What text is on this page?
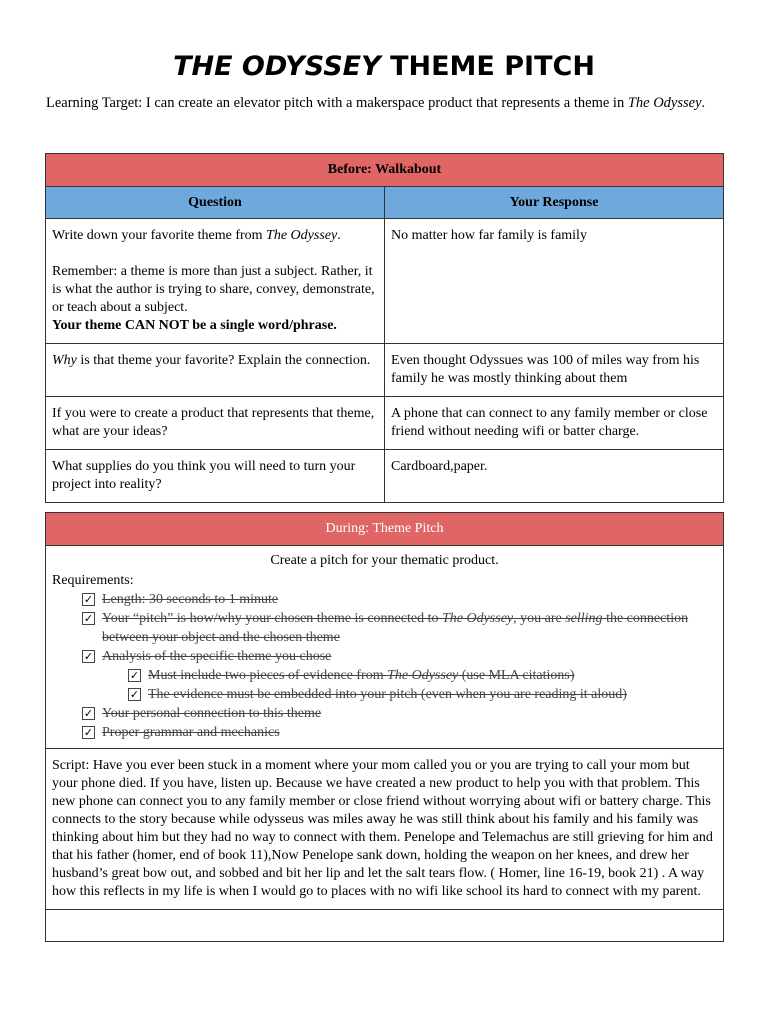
THE ODYSSEY THEME PITCH
Learning Target: I can create an elevator pitch with a makerspace product that represents a theme in The Odyssey.
Before: Walkabout	
Question	Your Response

Write down your favorite theme from The Odyssey.
Remember: a theme is more than just a subject. Rather, it is what the author is trying to share, convey, demonstrate, or teach about a subject.
Your theme CAN NOT be a single word/phrase.	No matter how far family is family
Why is that theme your favorite? Explain the connection.	Even thought Odyssues was 100 of miles way from his family he was mostly thinking about them
If you were to create a product that represents that theme, what are your ideas?	A phone that can connect to any family member or close friend without needing wifi or batter charge.
What supplies do you think you will need to turn your project into reality?	Cardboard,paper.
During: Theme Pitch

Create a pitch for your thematic product.
Requirements:
✓ Length: 30 seconds to 1 minute
✓ Your “pitch” is how/why your chosen theme is connected to The Odyssey, you are selling the connection between your object and the chosen theme
✓ Analysis of the specific theme you chose
✓ Must include two pieces of evidence from The Odyssey (use MLA citations)
✓ The evidence must be embedded into your pitch (even when you are reading it aloud)
✓ Your personal connection to this theme
✓ Proper grammar and mechanics

Script: Have you ever been stuck in a moment where your mom called you or you are trying to call your mom but your phone died. If you have, listen up. Because we have created a new product to help you with that problem. This new phone can connect you to any family member or close friend without worrying about wifi or battery charge. This connects to the story because while odysseus was miles away he was still think about his family and his family was thinking about him but they had no way to connect with them. Penelope and Telemachus are still grieving for him and that his father (homer, end of book 11),Now Penelope sank down, holding the weapon on her knees, and drew her husband’s great bow out, and sobbed and bit her lip and let the salt tears flow. ( Homer, line 16-19, book 21) . A way how this reflects in my life is when I would go to places with no wifi like school its hard to connect with my parent.
